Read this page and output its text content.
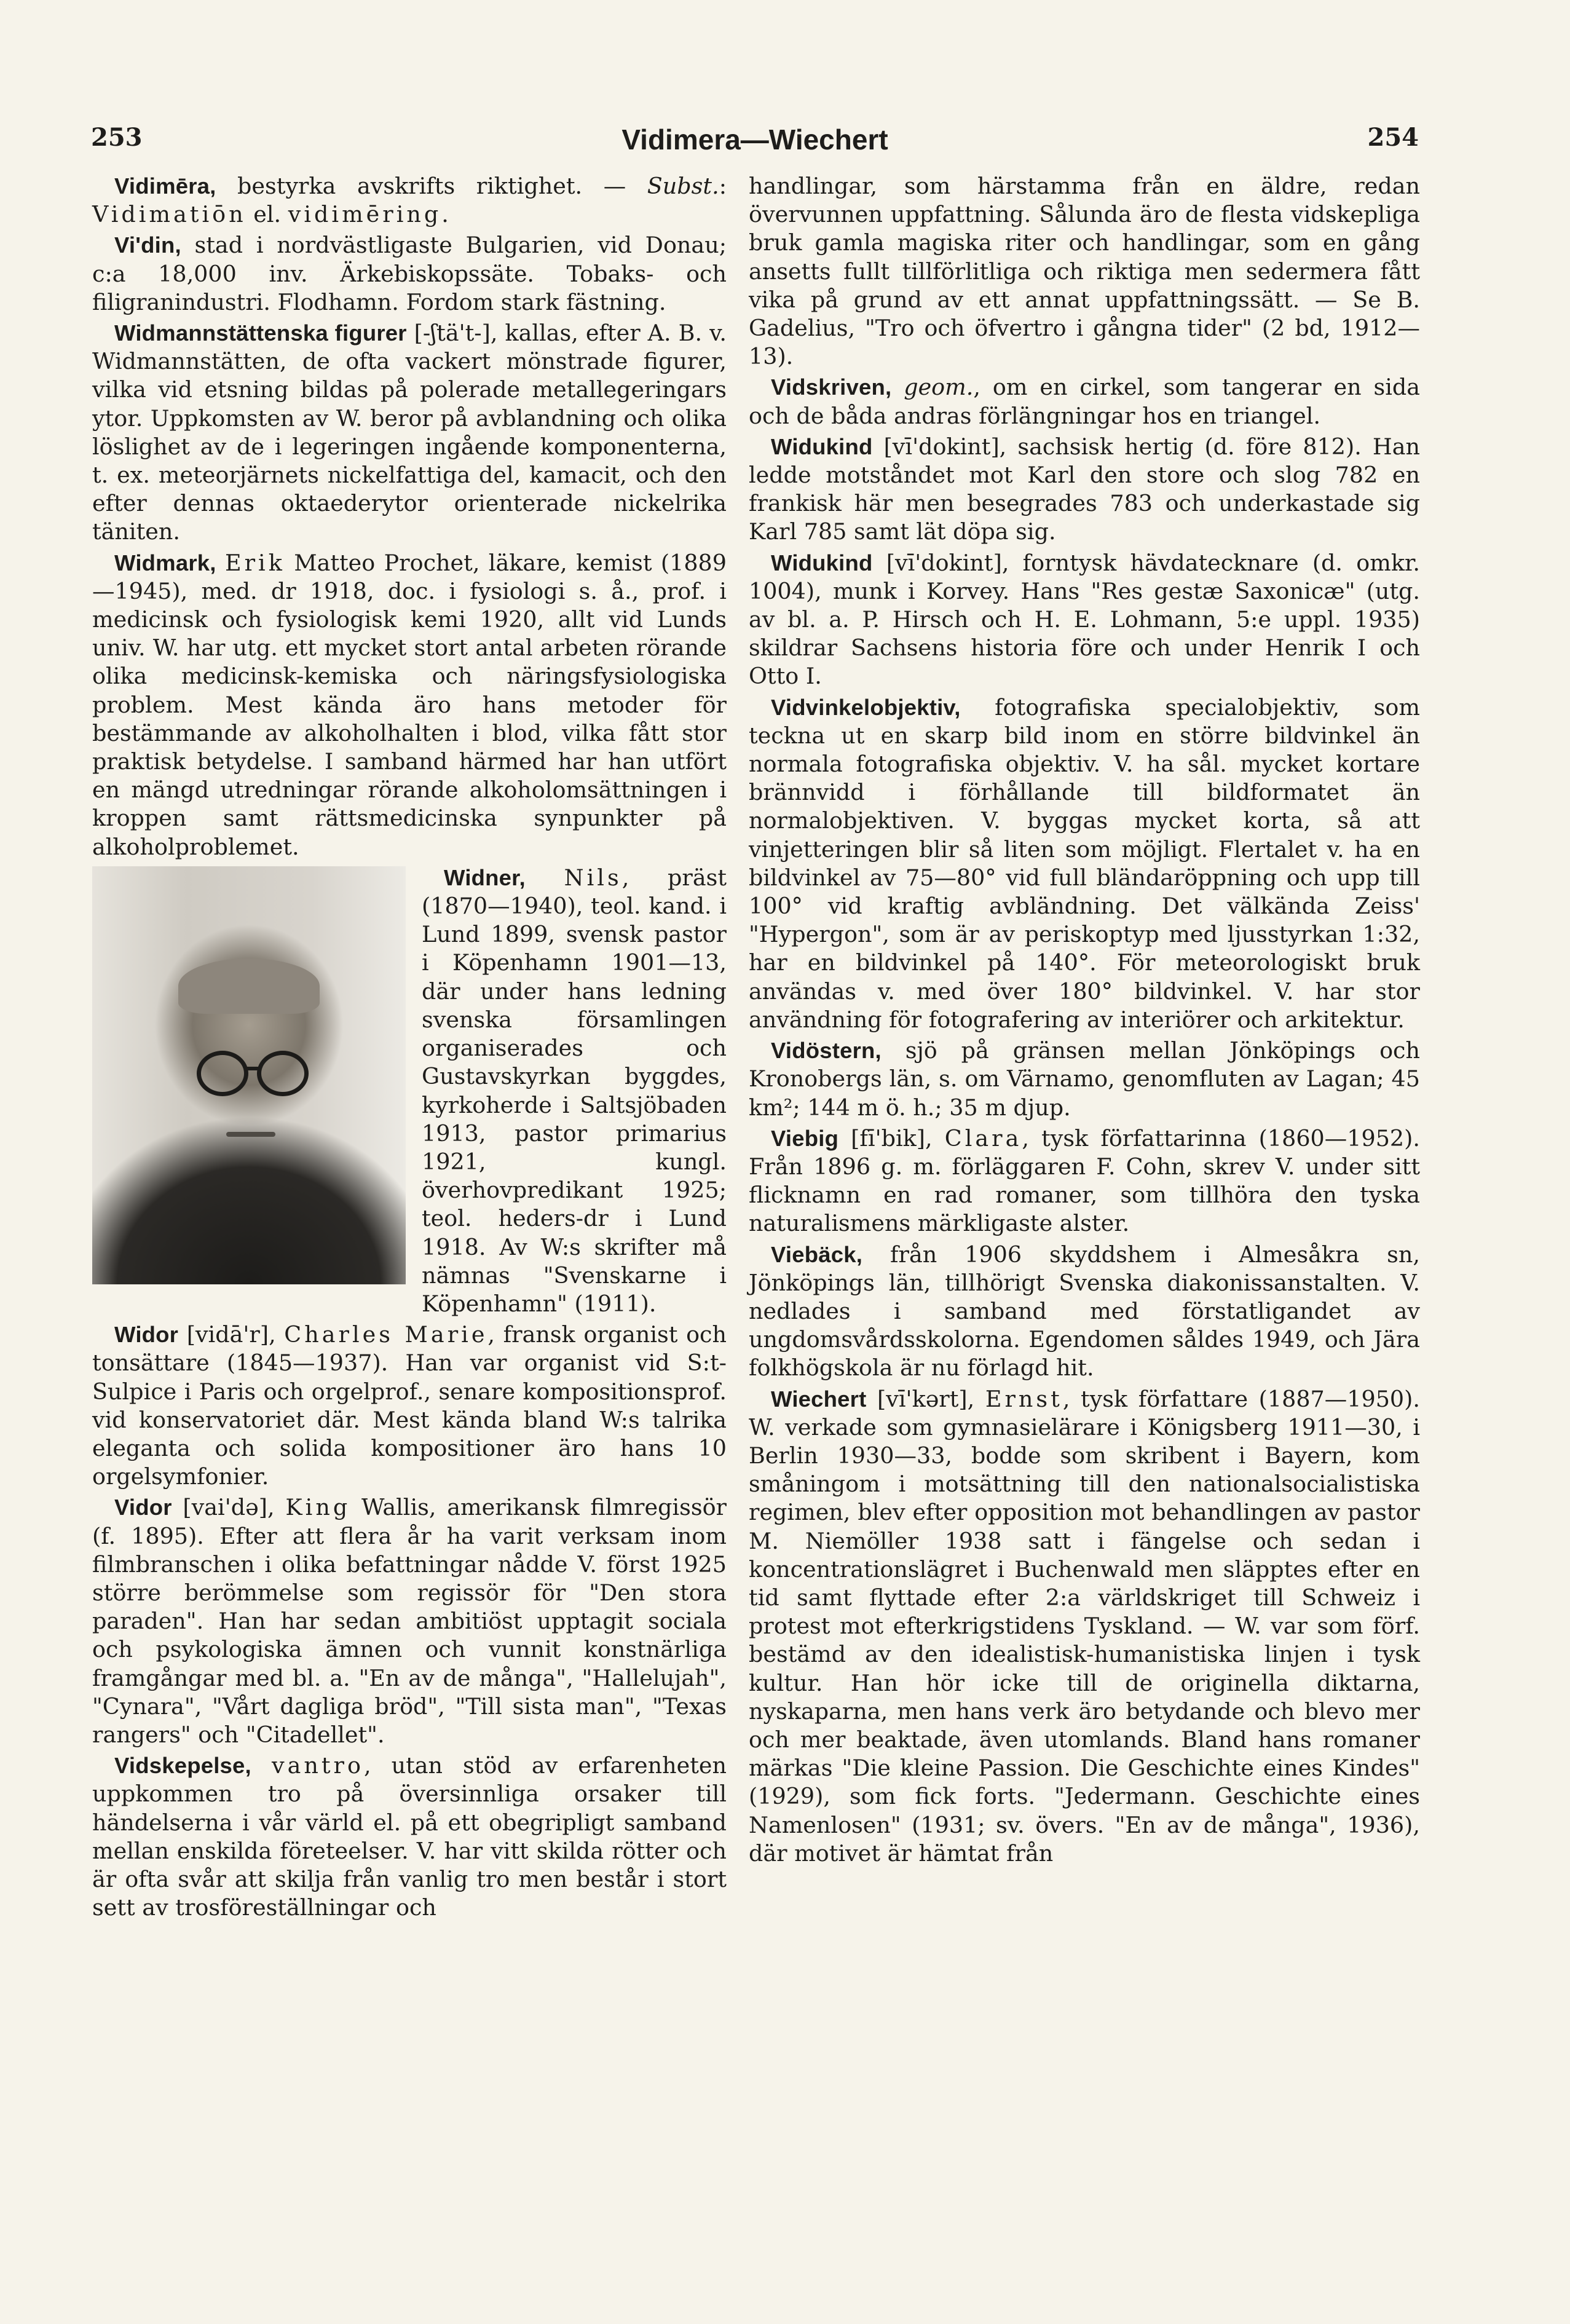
253	Vidimera—Wiechert	254

Vidimēra, bestyrka avskrifts riktighet. — Subst.: Vidimatiōn el. vidimēring.

Vi'din, stad i nordvästligaste Bulgarien, vid Donau; c:a 18,000 inv. Ärkebiskopssäte. Tobaks- och filigranindustri. Flodhamn. Fordom stark fästning.

Widmannstättenska figurer [-ʃtä't-], kallas, efter A. B. v. Widmannstätten, de ofta vackert mönstrade figurer, vilka vid etsning bildas på polerade metallegeringars ytor. Uppkomsten av W. beror på avblandning och olika löslighet av de i legeringen ingående komponenterna, t. ex. meteorjärnets nickelfattiga del, kamacit, och den efter dennas oktaederytor orienterade nickelrika täniten.

Widmark, Erik Matteo Prochet, läkare, kemist (1889—1945), med. dr 1918, doc. i fysiologi s. å., prof. i medicinsk och fysiologisk kemi 1920, allt vid Lunds univ. W. har utg. ett mycket stort antal arbeten rörande olika medicinsk-kemiska och näringsfysiologiska problem. Mest kända äro hans metoder för bestämmande av alkoholhalten i blod, vilka fått stor praktisk betydelse. I samband härmed har han utfört en mängd utredningar rörande alkoholomsättningen i kroppen samt rättsmedicinska synpunkter på alkoholproblemet.

Widner, Nils, präst (1870—1940), teol. kand. i Lund 1899, svensk pastor i Köpenhamn 1901—13, där under hans ledning svenska församlingen organiserades och Gustavskyrkan byggdes, kyrkoherde i Saltsjöbaden 1913, pastor primarius 1921, kungl. överhovpredikant 1925; teol. heders-dr i Lund 1918. Av W:s skrifter må nämnas "Svenskarne i Köpenhamn" (1911).

Widor [vidā'r], Charles Marie, fransk organist och tonsättare (1845—1937). Han var organist vid S:t-Sulpice i Paris och orgelprof., senare kompositionsprof. vid konservatoriet där. Mest kända bland W:s talrika eleganta och solida kompositioner äro hans 10 orgelsymfonier.

Vidor [vai'də], King Wallis, amerikansk filmregissör (f. 1895). Efter att flera år ha varit verksam inom filmbranschen i olika befattningar nådde V. först 1925 större berömmelse som regissör för "Den stora paraden". Han har sedan ambitiöst upptagit sociala och psykologiska ämnen och vunnit konstnärliga framgångar med bl. a. "En av de många", "Hallelujah", "Cynara", "Vårt dagliga bröd", "Till sista man", "Texas rangers" och "Citadellet".

Vidskepelse, vantro, utan stöd av erfarenheten uppkommen tro på översinnliga orsaker till händelserna i vår värld el. på ett obegripligt samband mellan enskilda företeelser. V. har vitt skilda rötter och är ofta svår att skilja från vanlig tro men består i stort sett av trosföreställningar och

handlingar, som härstamma från en äldre, redan övervunnen uppfattning. Sålunda äro de flesta vidskepliga bruk gamla magiska riter och handlingar, som en gång ansetts fullt tillförlitliga och riktiga men sedermera fått vika på grund av ett annat uppfattningssätt. — Se B. Gadelius, "Tro och öfvertro i gångna tider" (2 bd, 1912—13).

Vidskriven, geom., om en cirkel, som tangerar en sida och de båda andras förlängningar hos en triangel.

Widukind [vī'dokint], sachsisk hertig (d. före 812). Han ledde motståndet mot Karl den store och slog 782 en frankisk här men besegrades 783 och underkastade sig Karl 785 samt lät döpa sig.

Widukind [vī'dokint], forntysk hävdatecknare (d. omkr. 1004), munk i Korvey. Hans "Res gestæ Saxonicæ" (utg. av bl. a. P. Hirsch och H. E. Lohmann, 5:e uppl. 1935) skildrar Sachsens historia före och under Henrik I och Otto I.

Vidvinkelobjektiv, fotografiska specialobjektiv, som teckna ut en skarp bild inom en större bildvinkel än normala fotografiska objektiv. V. ha sål. mycket kortare brännvidd i förhållande till bildformatet än normalobjektiven. V. byggas mycket korta, så att vinjetteringen blir så liten som möjligt. Flertalet v. ha en bildvinkel av 75—80° vid full bländaröppning och upp till 100° vid kraftig avbländning. Det välkända Zeiss' "Hypergon", som är av periskoptyp med ljusstyrkan 1:32, har en bildvinkel på 140°. För meteorologiskt bruk användas v. med över 180° bildvinkel. V. har stor användning för fotografering av interiörer och arkitektur.

Vidöstern, sjö på gränsen mellan Jönköpings och Kronobergs län, s. om Värnamo, genomfluten av Lagan; 45 km²; 144 m ö. h.; 35 m djup.

Viebig [fī'bik], Clara, tysk författarinna (1860—1952). Från 1896 g. m. förläggaren F. Cohn, skrev V. under sitt flicknamn en rad romaner, som tillhöra den tyska naturalismens märkligaste alster.

Viebäck, från 1906 skyddshem i Almesåkra sn, Jönköpings län, tillhörigt Svenska diakonissanstalten. V. nedlades i samband med förstatligandet av ungdomsvårdsskolorna. Egendomen såldes 1949, och Jära folkhögskola är nu förlagd hit.

Wiechert [vī'kərt], Ernst, tysk författare (1887—1950). W. verkade som gymnasielärare i Königsberg 1911—30, i Berlin 1930—33, bodde som skribent i Bayern, kom småningom i motsättning till den nationalsocialistiska regimen, blev efter opposition mot behandlingen av pastor M. Niemöller 1938 satt i fängelse och sedan i koncentrationslägret i Buchenwald men släpptes efter en tid samt flyttade efter 2:a världskriget till Schweiz i protest mot efterkrigstidens Tyskland. — W. var som förf. bestämd av den idealistisk-humanistiska linjen i tysk kultur. Han hör icke till de originella diktarna, nyskaparna, men hans verk äro betydande och blevo mer och mer beaktade, även utomlands. Bland hans romaner märkas "Die kleine Passion. Die Geschichte eines Kindes" (1929), som fick forts. "Jedermann. Geschichte eines Namenlosen" (1931; sv. övers. "En av de många", 1936), där motivet är hämtat från
